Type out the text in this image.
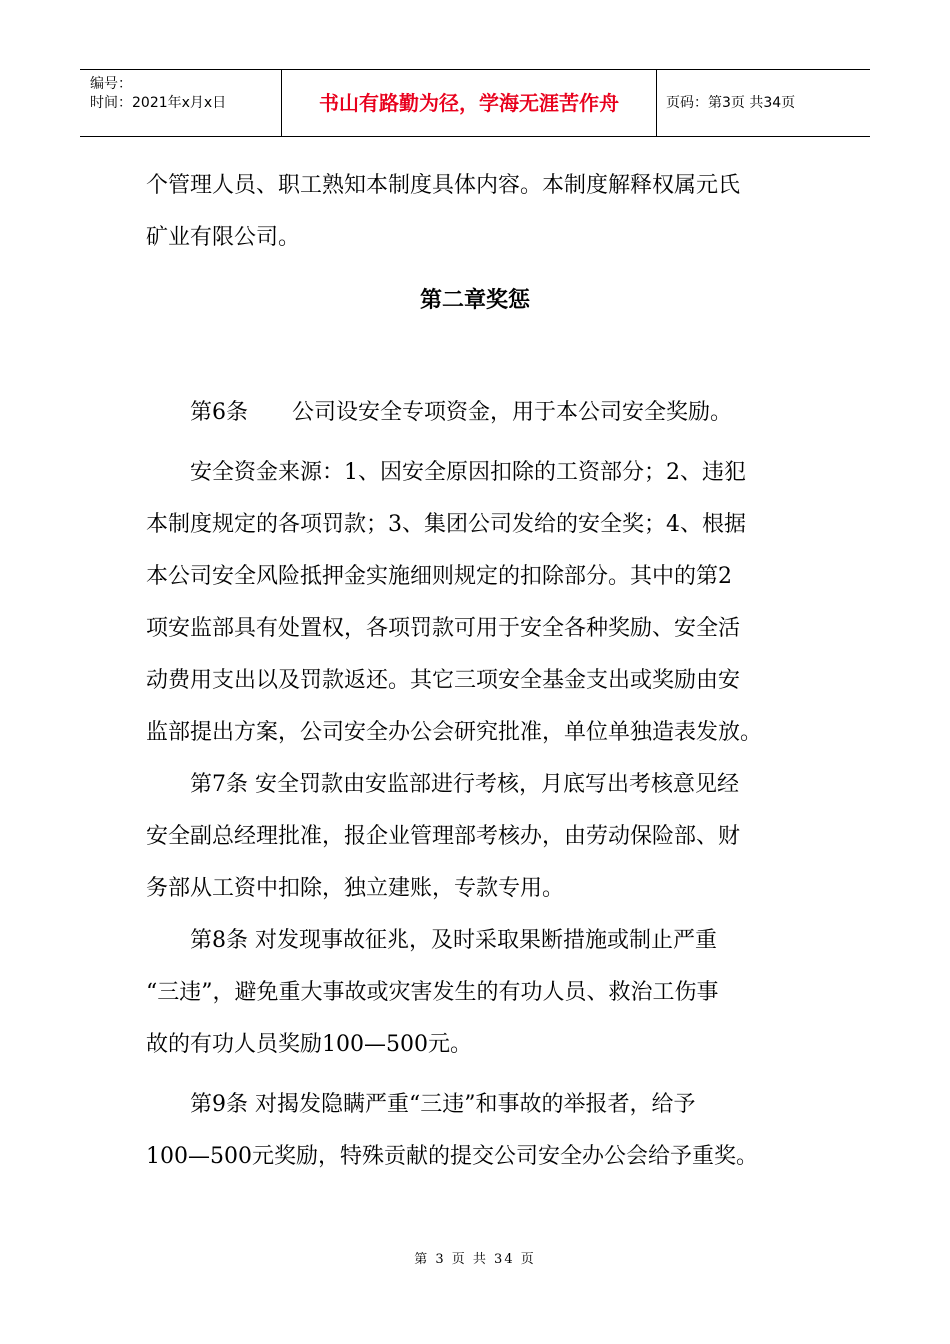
编号：
时间：2021年x月x日	书山有路勤为径，学海无涯苦作舟	页码：第3页 共34页

个管理人员、职工熟知本制度具体内容。本制度解释权属元氏

矿业有限公司。

第二章奖惩

第6条　　公司设安全专项资金，用于本公司安全奖励。

安全资金来源：1、因安全原因扣除的工资部分；2、违犯

本制度规定的各项罚款；3、集团公司发给的安全奖；4、根据

本公司安全风险抵押金实施细则规定的扣除部分。其中的第2

项安监部具有处置权，各项罚款可用于安全各种奖励、安全活

动费用支出以及罚款返还。其它三项安全基金支出或奖励由安

监部提出方案，公司安全办公会研究批准，单位单独造表发放。

第7条 安全罚款由安监部进行考核，月底写出考核意见经

安全副总经理批准，报企业管理部考核办，由劳动保险部、财

务部从工资中扣除，独立建账，专款专用。

第8条 对发现事故征兆，及时采取果断措施或制止严重

“三违”，避免重大事故或灾害发生的有功人员、救治工伤事

故的有功人员奖励100—500元。

第9条 对揭发隐瞒严重“三违”和事故的举报者，给予

100—500元奖励，特殊贡献的提交公司安全办公会给予重奖。

第 3 页 共 34 页
